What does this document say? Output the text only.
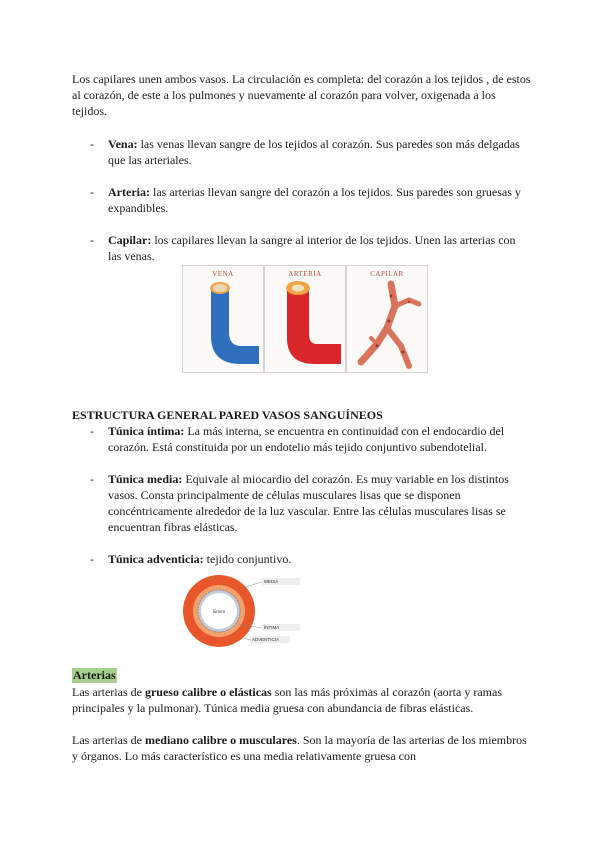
Los capilares unen ambos vasos. La circulación es completa: del corazón a los tejidos , de estos al corazón, de este a los pulmones y nuevamente al corazón para volver, oxigenada a los tejidos.

-	Vena: las venas llevan sangre de los tejidos al corazón. Sus paredes son más delgadas que las arteriales.
-	Arteria: las arterias llevan sangre del corazón a los tejidos. Sus paredes son gruesas y expandibles.
-	Capilar: los capilares llevan la sangre al interior de los tejidos. Unen las arterias con las venas.
VENA	ARTERIA	CAPILAR
ESTRUCTURA GENERAL PARED VASOS SANGUÍNEOS
-	Túnica íntima: La más interna, se encuentra en continuidad con el endocardio del corazón. Está constituida por un endotelio más tejido conjuntivo subendotelial.
-	Túnica media: Equivale al miocardio del corazón. Es muy variable en los distintos vasos. Consta principalmente de células musculares lisas que se disponen concéntricamente alrededor de la luz vascular. Entre las células musculares lisas se encuentran fibras elásticas.
-	Túnica adventicia: tejido conjuntivo.
lúmen
MEDIA
ÍNTIMA
ADVENTICIA
Arterias

Las arterias de grueso calibre o elásticas son las más próximas al corazón (aorta y ramas principales y la pulmonar). Túnica media gruesa con abundancia de fibras elásticas.

Las arterias de mediano calibre o musculares. Son la mayoría de las arterias de los miembros y órganos. Lo más característico es una media relativamente gruesa con
